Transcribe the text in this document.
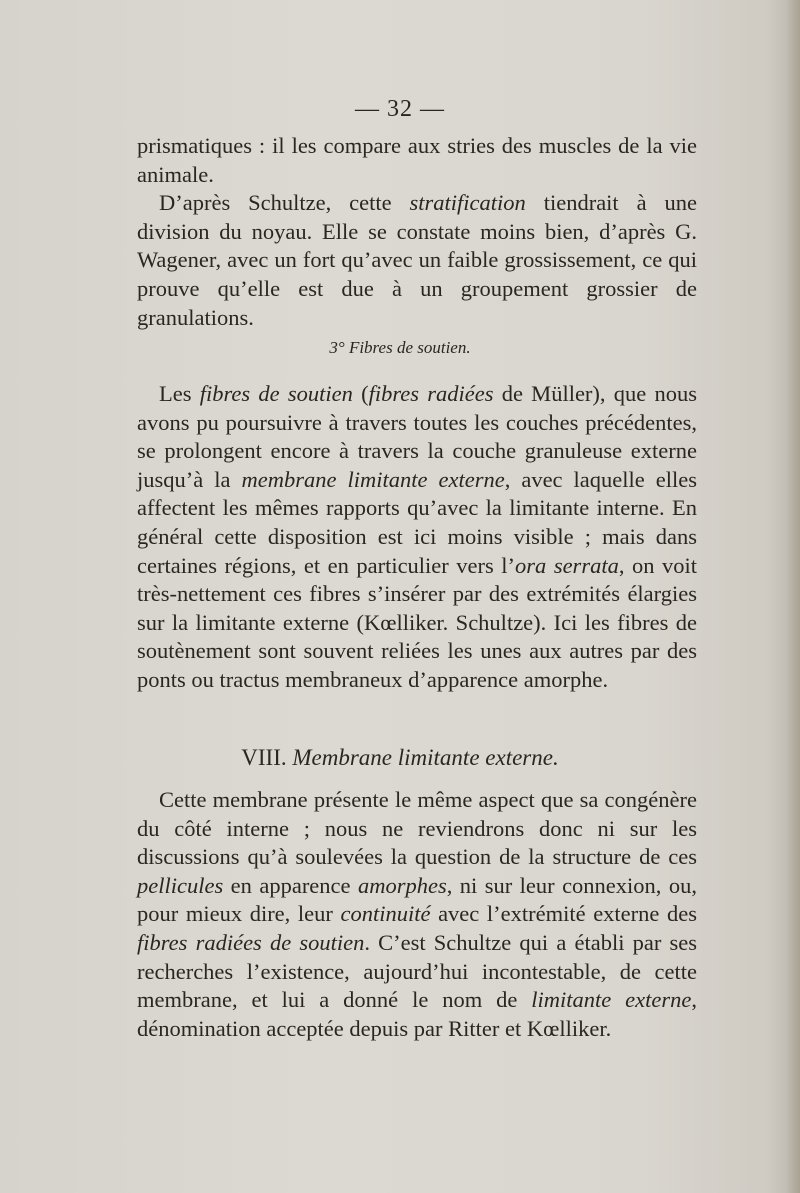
— 32 —

prismatiques : il les compare aux stries des muscles de la vie animale.

D’après Schultze, cette stratification tiendrait à une division du noyau. Elle se constate moins bien, d’après G. Wagener, avec un fort qu’avec un faible grossissement, ce qui prouve qu’elle est due à un groupement grossier de granulations.

3° Fibres de soutien.

Les fibres de soutien (fibres radiées de Müller), que nous avons pu poursuivre à travers toutes les couches précédentes, se prolongent encore à travers la couche granuleuse externe jusqu’à la membrane limitante externe, avec laquelle elles affectent les mêmes rapports qu’avec la limitante interne. En général cette disposition est ici moins visible ; mais dans certaines régions, et en particulier vers l’ora serrata, on voit très-nettement ces fibres s’insérer par des extrémités élargies sur la limitante externe (Kœlliker. Schultze). Ici les fibres de soutènement sont souvent reliées les unes aux autres par des ponts ou tractus membraneux d’apparence amorphe.

VIII. Membrane limitante externe.

Cette membrane présente le même aspect que sa congénère du côté interne ; nous ne reviendrons donc ni sur les discussions qu’à soulevées la question de la structure de ces pellicules en apparence amorphes, ni sur leur connexion, ou, pour mieux dire, leur continuité avec l’extrémité externe des fibres radiées de soutien. C’est Schultze qui a établi par ses recherches l’existence, aujourd’hui incontestable, de cette membrane, et lui a donné le nom de limitante externe, dénomination acceptée depuis par Ritter et Kœlliker.
